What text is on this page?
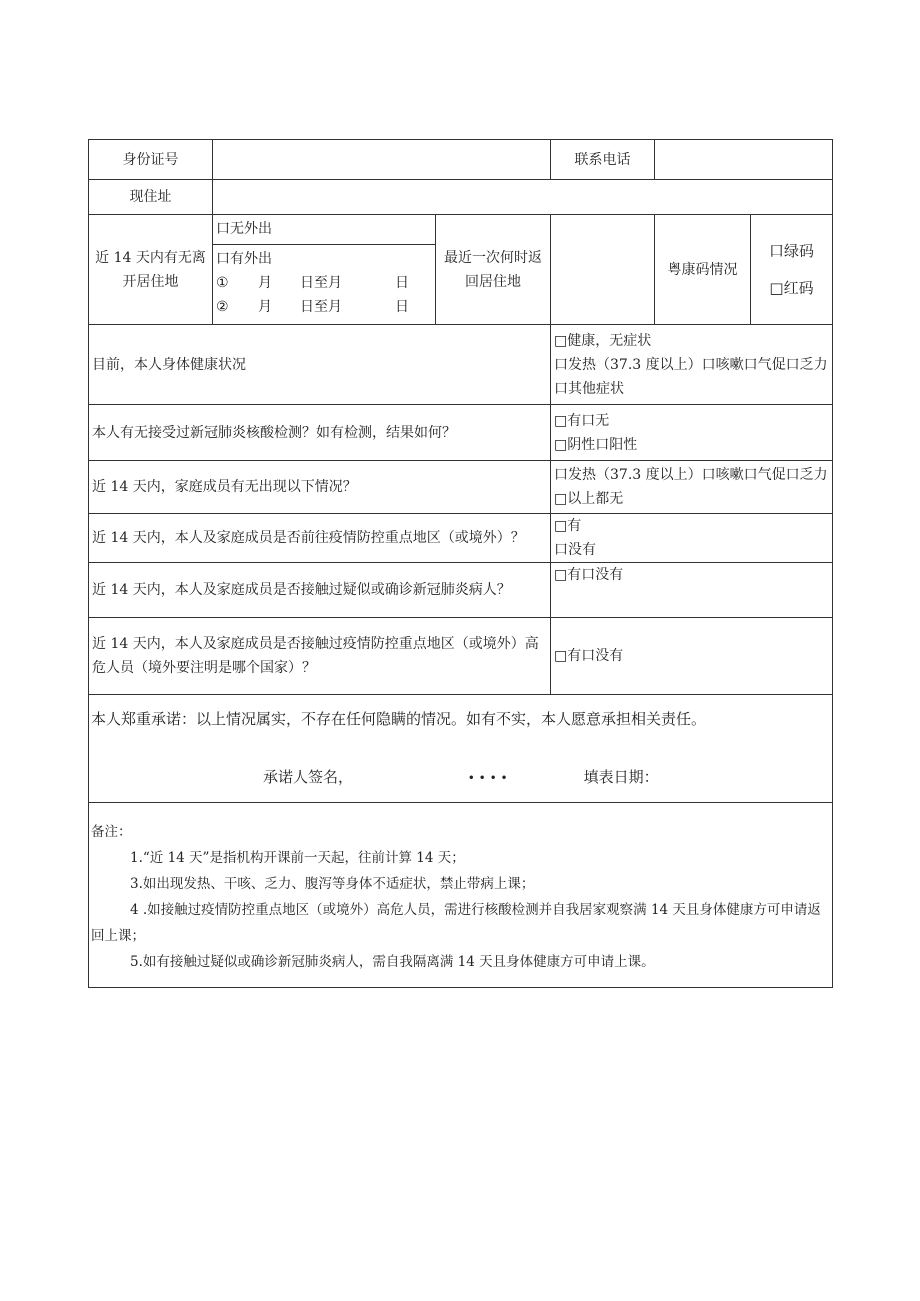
身份证号		联系电话	
现住址	
近 14 天内有无离开居住地	
口无外出
口有外出
①	月	日至月	日
②	月	日至月	日
	最近一次何时返回居住地		粤康码情况	
口绿码
□红码

目前，本人身体健康状况	
□健康，无症状
口发热（37.3 度以上）口咳嗽口气促口乏力口其他症状

本人有无接受过新冠肺炎核酸检测？如有检测，结果如何？	
□有口无
□阴性口阳性

近 14 天内，家庭成员有无出现以下情况？	
口发热（37.3 度以上）口咳嗽口气促口乏力
□以上都无

近 14 天内，本人及家庭成员是否前往疫情防控重点地区（或境外）？	
□有
口没有

近 14 天内，本人及家庭成员是否接触过疑似或确诊新冠肺炎病人？	
□有口没有

近 14 天内，本人及家庭成员是否接触过疫情防控重点地区（或境外）高危人员（境外要注明是哪个国家）？	
□有口没有

本人郑重承诺：以上情况属实，不存在任何隐瞒的情况。如有不实，本人愿意承担相关责任。
承诺人签名，	• • • •	填表日期：

备注：
1.“近 14 天”是指机构开课前一天起，往前计算 14 天；
3.如出现发热、干咳、乏力、腹泻等身体不适症状，禁止带病上课；
4 .如接触过疫情防控重点地区（或境外）高危人员，需进行核酸检测并自我居家观察满 14 天且身体健康方可申请返回上课；
5.如有接触过疑似或确诊新冠肺炎病人，需自我隔离满 14 天且身体健康方可申请上课。
